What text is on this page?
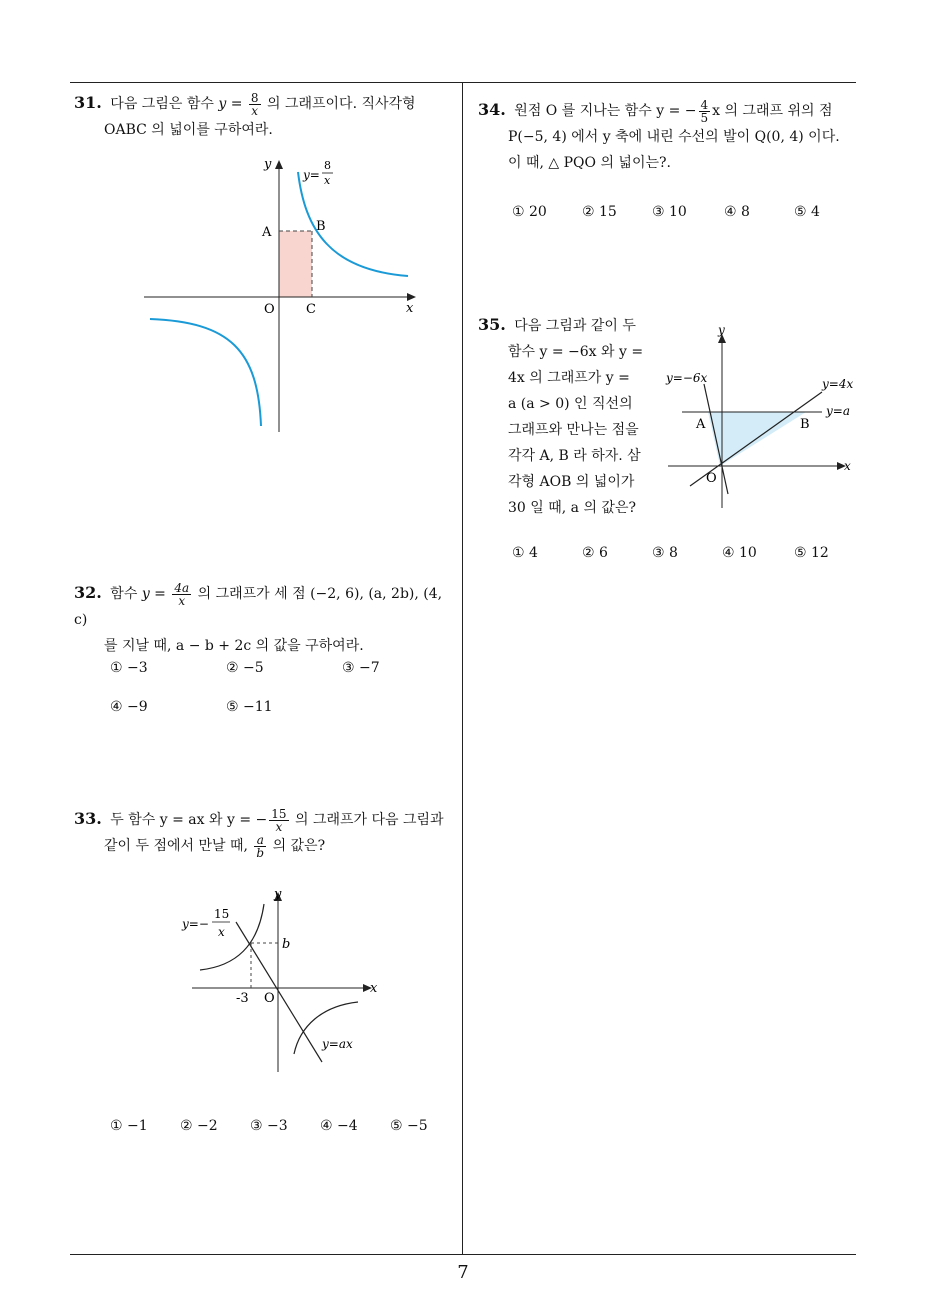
31. 다음 그림은 함수 $y = \frac{8}{x}$ 의 그래프이다. 직사각형
OABC 의 넓이를 구하여라.
y
x
O C
A	B
y=
8
x
32. 함수 $y = \frac{4a}{x}$ 의 그래프가 세 점 (−2, 6), (a, 2b), (4, c)
를 지날 때, a − b + 2c 의 값을 구하여라.
① −3	② −5	③ −7
④ −9	⑤ −11
33. 두 함수 y = ax 와 y = − $\frac{15}{x}$ 의 그래프가 다음 그림과
같이 두 점에서 만날 때, $\frac{a}{b}$ 의 값은?
y
x
O
-3
b
y=−
15
x
y=ax
① −1 ② −2 ③ −3 ④ −4 ⑤ −5
34. 원점 O 를 지나는 함수 y = − $\frac{4}{5}$ x 의 그래프 위의 점
P(−5, 4) 에서 y 축에 내린 수선의 발이 Q(0, 4) 이다.
이 때, △ PQO 의 넓이는?.
① 20	② 15	③ 10	④ 8	⑤ 4
35. 다음 그림과 같이 두
함수 y = −6x 와 y =
4x 의 그래프가 y =
a (a > 0) 인 직선의
그래프와 만나는 점을
각각 A, B 라 하자. 삼
각형 AOB 의 넓이가
30 일 때, a 의 값은?
y
x
O
A	B
y=−6x	y=4x
y=a
① 4	② 6	③ 8	④ 10	⑤ 12
7
